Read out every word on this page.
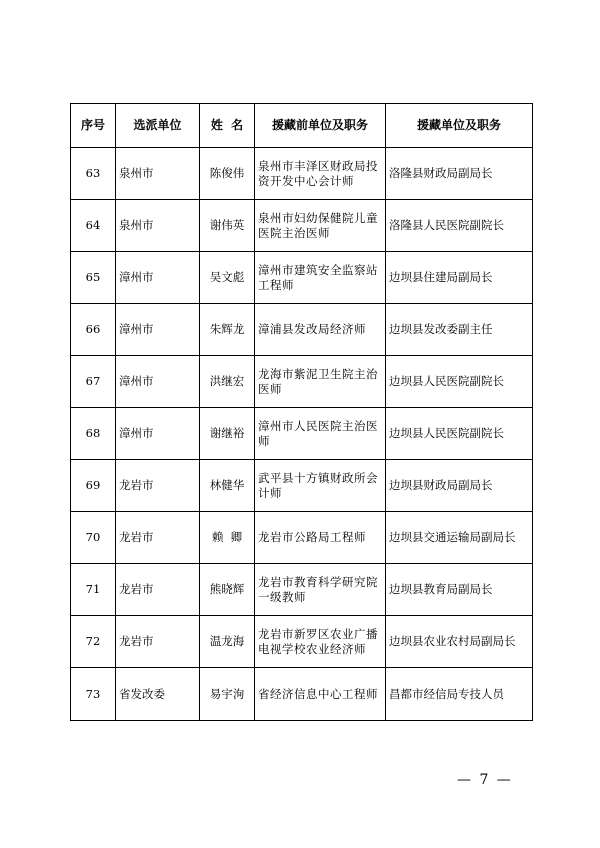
序号	选派单位	姓  名	援藏前单位及职务	援藏单位及职务
63	泉州市	陈俊伟	泉州市丰泽区财政局投资开发中心会计师	洛隆县财政局副局长
64	泉州市	谢伟英	泉州市妇幼保健院儿童医院主治医师	洛隆县人民医院副院长
65	漳州市	吴文彪	漳州市建筑安全监察站工程师	边坝县住建局副局长
66	漳州市	朱辉龙	漳浦县发改局经济师	边坝县发改委副主任
67	漳州市	洪继宏	龙海市紫泥卫生院主治医师	边坝县人民医院副院长
68	漳州市	谢继裕	漳州市人民医院主治医师	边坝县人民医院副院长
69	龙岩市	林健华	武平县十方镇财政所会计师	边坝县财政局副局长
70	龙岩市	赖  卿	龙岩市公路局工程师	边坝县交通运输局副局长
71	龙岩市	熊晓辉	龙岩市教育科学研究院一级教师	边坝县教育局副局长
72	龙岩市	温龙海	龙岩市新罗区农业广播电视学校农业经济师	边坝县农业农村局副局长
73	省发改委	易宇洵	省经济信息中心工程师	昌都市经信局专技人员
— 7 —
